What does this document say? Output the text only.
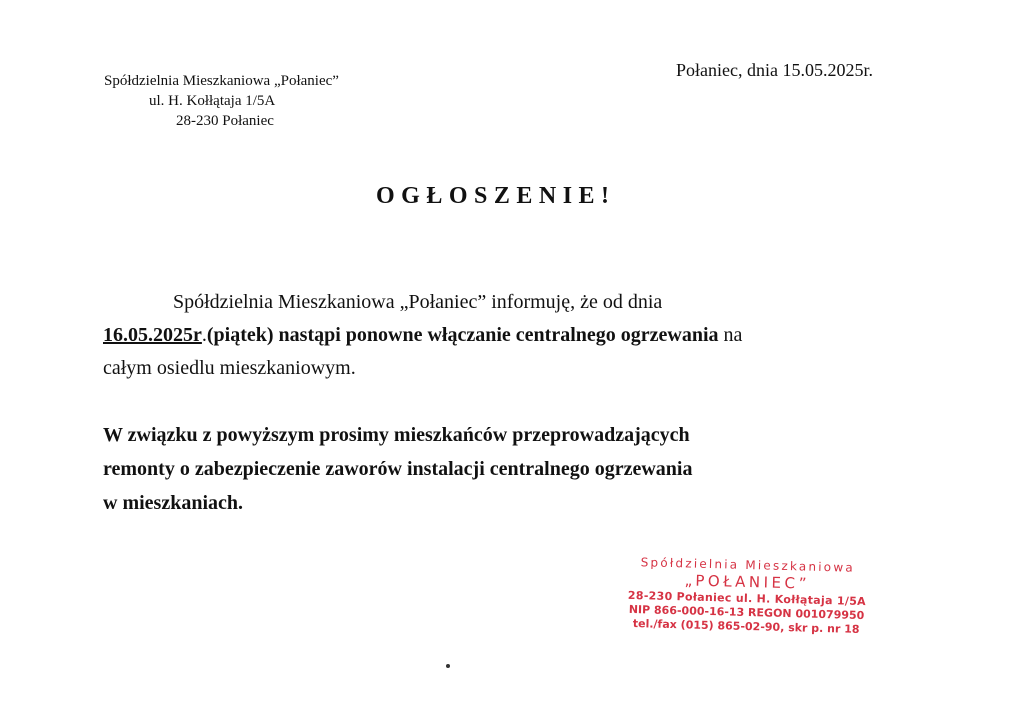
Spółdzielnia Mieszkaniowa „Połaniec”
ul. H. Kołłątaja 1/5A
28-230 Połaniec
Połaniec, dnia 15.05.2025r.
OGŁOSZENIE!
Spółdzielnia Mieszkaniowa „Połaniec” informuję, że od dnia
16.05.2025r.(piątek) nastąpi ponowne włączanie centralnego ogrzewania na
całym osiedlu mieszkaniowym.
W związku z powyższym prosimy mieszkańców przeprowadzających
remonty o zabezpieczenie zaworów instalacji centralnego ogrzewania
w mieszkaniach.
Spółdzielnia Mieszkaniowa
„POŁANIEC”
28-230 Połaniec ul. H. Kołłątaja 1/5A
NIP 866-000-16-13 REGON 001079950
tel./fax (015) 865-02-90, skr p. nr 18
